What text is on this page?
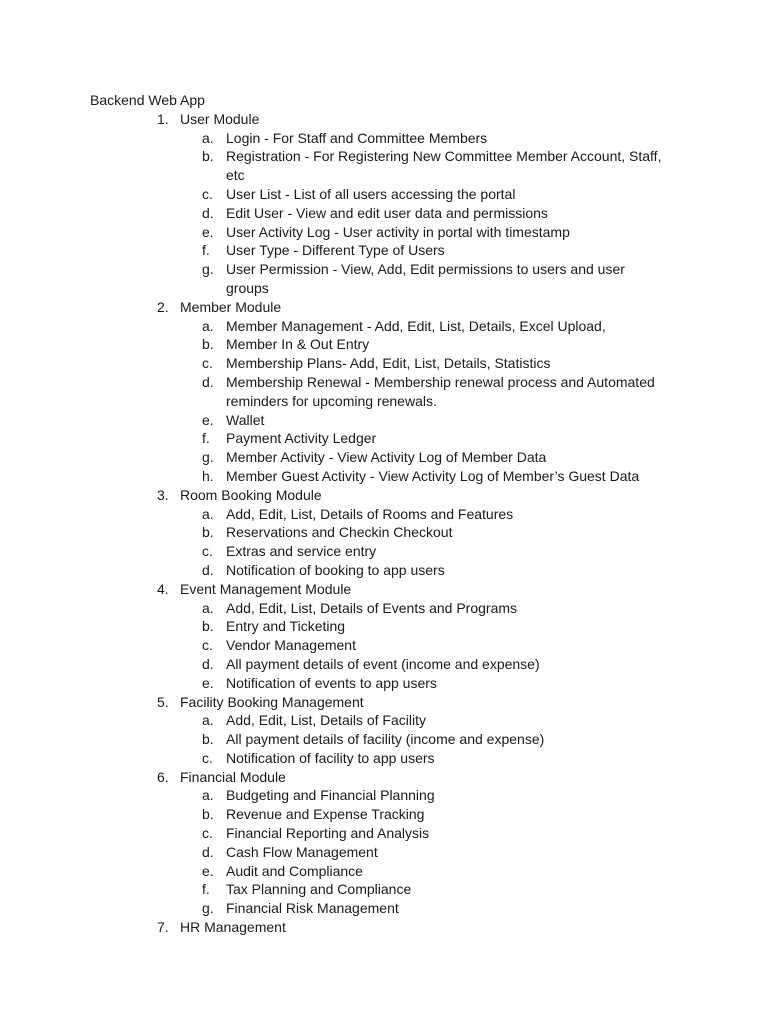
Backend Web App
1. User Module
a. Login - For Staff and Committee Members
b. Registration - For Registering New Committee Member Account, Staff, etc
c. User List - List of all users accessing the portal
d. Edit User - View and edit user data and permissions
e. User Activity Log - User activity in portal with timestamp
f.	User Type - Different Type of Users
g. User Permission - View, Add, Edit permissions to users and user groups
2. Member Module
a. Member Management - Add, Edit, List, Details, Excel Upload,
b. Member In & Out Entry
c. Membership Plans- Add, Edit, List, Details, Statistics
d. Membership Renewal - Membership renewal process and Automated reminders for upcoming renewals.
e. Wallet
f.	Payment Activity Ledger
g. Member Activity - View Activity Log of Member Data
h. Member Guest Activity - View Activity Log of Member’s Guest Data
3. Room Booking Module
a. Add, Edit, List, Details of Rooms and Features
b. Reservations and Checkin Checkout
c. Extras and service entry
d. Notification of booking to app users
4. Event Management Module
a. Add, Edit, List, Details of Events and Programs
b. Entry and Ticketing
c. Vendor Management
d. All payment details of event (income and expense)
e. Notification of events to app users
5. Facility Booking Management
a. Add, Edit, List, Details of Facility
b. All payment details of facility (income and expense)
c. Notification of facility to app users
6. Financial Module
a. Budgeting and Financial Planning
b. Revenue and Expense Tracking
c. Financial Reporting and Analysis
d. Cash Flow Management
e. Audit and Compliance
f.	Tax Planning and Compliance
g. Financial Risk Management
7. HR Management
